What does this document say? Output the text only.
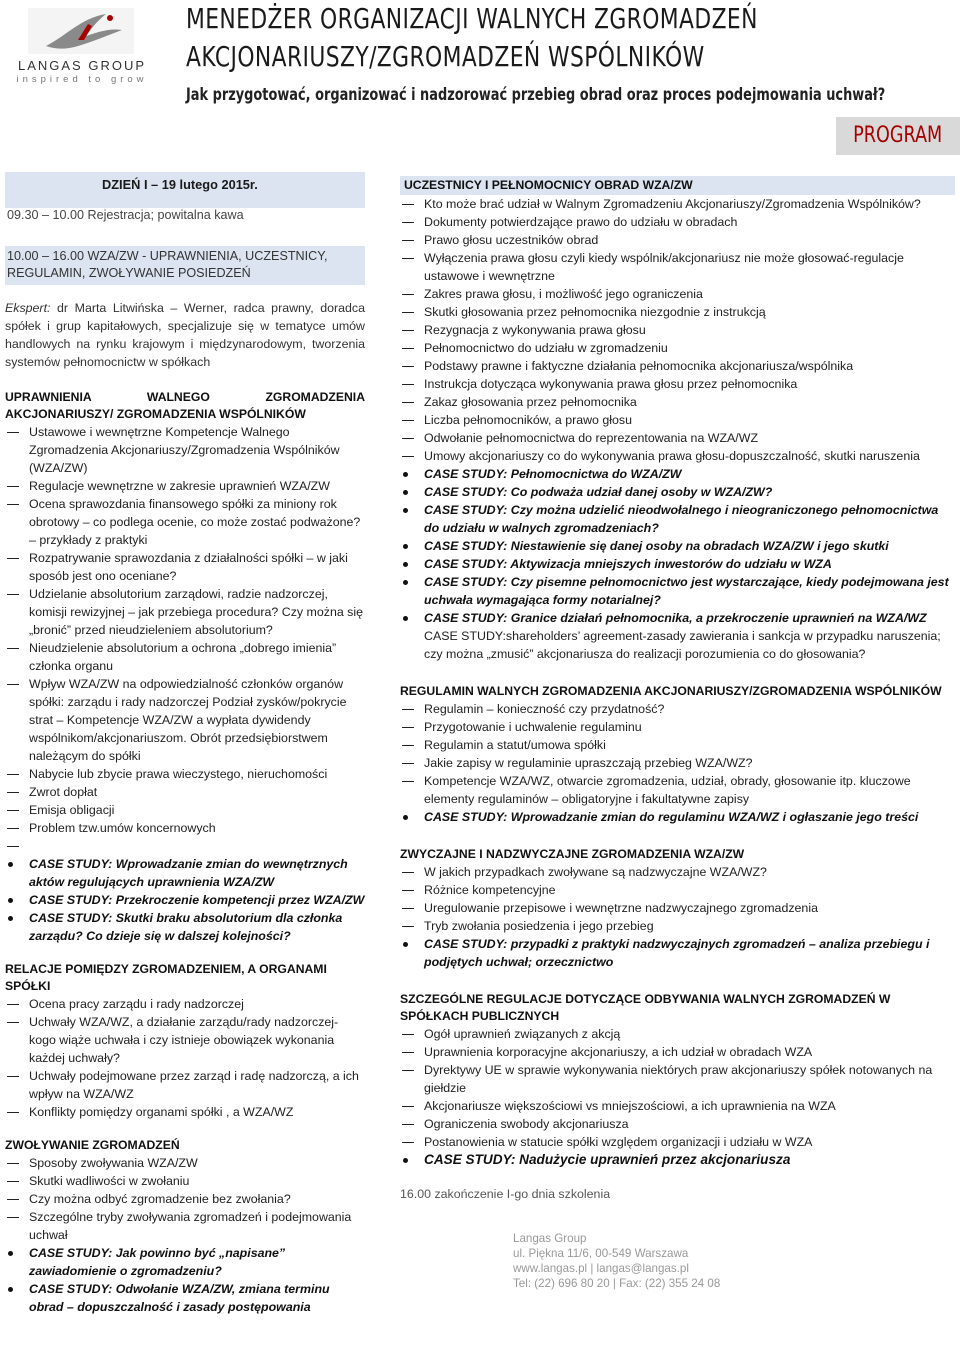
LANGAS GROUP
inspired to grow
MENEDŻER ORGANIZACJI WALNYCH ZGROMADZEŃ
AKCJONARIUSZY/ZGROMADZEŃ WSPÓLNIKÓW
Jak przygotować, organizować i nadzorować przebieg obrad oraz proces podejmowania uchwał?
PROGRAM
DZIEŃ I – 19 lutego 2015r.
09.30 – 10.00 Rejestracja; powitalna kawa
10.00 – 16.00 WZA/ZW - UPRAWNIENIA, UCZESTNICY, REGULAMIN, ZWOŁYWANIE POSIEDZEŃ
Ekspert: dr Marta Litwińska – Werner, radca prawny, doradca spółek i grup kapitałowych, specjalizuje się w tematyce umów handlowych na rynku krajowym i międzynarodowym, tworzenia systemów pełnomocnictw w spółkach
UPRAWNIENIA WALNEGO ZGROMADZENIA AKCJONARIUSZY/ ZGROMADZENIA WSPÓLNIKÓW
Ustawowe i wewnętrzne Kompetencje Walnego Zgromadzenia Akcjonariuszy/Zgromadzenia Wspólników (WZA/ZW)
Regulacje wewnętrzne w zakresie uprawnień WZA/ZW
Ocena sprawozdania finansowego spółki za miniony rok obrotowy – co podlega ocenie, co może zostać podważone? – przykłady z praktyki
Rozpatrywanie sprawozdania z działalności spółki – w jaki sposób jest ono oceniane?
Udzielanie absolutorium zarządowi, radzie nadzorczej, komisji rewizyjnej – jak przebiega procedura? Czy można się „bronić” przed nieudzieleniem absolutorium?
Nieudzielenie absolutorium a ochrona „dobrego imienia” członka organu
Wpływ WZA/ZW na odpowiedzialność członków organów spółki: zarządu i rady nadzorczej Podział zysków/pokrycie strat – Kompetencje WZA/ZW a wypłata dywidendy wspólnikom/akcjonariuszom. Obrót przedsiębiorstwem należącym do spółki
Nabycie lub zbycie prawa wieczystego, nieruchomości
Zwrot dopłat
Emisja obligacji
Problem tzw.umów koncernowych
CASE STUDY: Wprowadzanie zmian do wewnętrznych aktów regulujących uprawnienia WZA/ZW
CASE STUDY: Przekroczenie kompetencji przez WZA/ZW
CASE STUDY: Skutki braku absolutorium dla członka zarządu? Co dzieje się w dalszej kolejności?
RELACJE POMIĘDZY ZGROMADZENIEM, A ORGANAMI SPÓŁKI
Ocena pracy zarządu i rady nadzorczej
Uchwały WZA/WZ, a działanie zarządu/rady nadzorczej-kogo wiąże uchwała i czy istnieje obowiązek wykonania każdej uchwały?
Uchwały podejmowane przez zarząd i radę nadzorczą, a ich wpływ na WZA/WZ
Konflikty pomiędzy organami spółki , a WZA/WZ
ZWOŁYWANIE ZGROMADZEŃ
Sposoby zwoływania WZA/ZW
Skutki wadliwości w zwołaniu
Czy można odbyć zgromadzenie bez zwołania?
Szczególne tryby zwoływania zgromadzeń i podejmowania uchwał
CASE STUDY: Jak powinno być „napisane” zawiadomienie o zgromadzeniu?
CASE STUDY: Odwołanie WZA/ZW, zmiana terminu obrad – dopuszczalność i zasady postępowania
UCZESTNICY I PEŁNOMOCNICY OBRAD WZA/ZW
Kto może brać udział w Walnym Zgromadzeniu Akcjonariuszy/Zgromadzenia Wspólników?
Dokumenty potwierdzające prawo do udziału w obradach
Prawo głosu uczestników obrad
Wyłączenia prawa głosu czyli kiedy wspólnik/akcjonariusz nie może głosować-regulacje ustawowe i wewnętrzne
Zakres prawa głosu, i możliwość jego ograniczenia
Skutki głosowania przez pełnomocnika niezgodnie z instrukcją
Rezygnacja z wykonywania prawa głosu
Pełnomocnictwo do udziału w zgromadzeniu
Podstawy prawne i faktyczne działania pełnomocnika akcjonariusza/wspólnika
Instrukcja dotycząca wykonywania prawa głosu przez pełnomocnika
Zakaz głosowania przez pełnomocnika
Liczba pełnomocników, a prawo głosu
Odwołanie pełnomocnictwa do reprezentowania na WZA/WZ
Umowy akcjonariuszy co do wykonywania prawa głosu-dopuszczalność, skutki naruszenia
CASE STUDY: Pełnomocnictwa do WZA/ZW
CASE STUDY: Co podważa udział danej osoby w WZA/ZW?
CASE STUDY: Czy można udzielić nieodwołalnego i nieograniczonego pełnomocnictwa do udziału w walnych zgromadzeniach?
CASE STUDY: Niestawienie się danej osoby na obradach WZA/ZW i jego skutki
CASE STUDY: Aktywizacja mniejszych inwestorów do udziału w WZA
CASE STUDY: Czy pisemne pełnomocnictwo jest wystarczające, kiedy podejmowana jest uchwała wymagająca formy notarialnej?
CASE STUDY: Granice działań pełnomocnika, a przekroczenie uprawnień na WZA/WZ
CASE STUDY:shareholders’ agreement-zasady zawierania i sankcja w przypadku naruszenia; czy można „zmusić” akcjonariusza do realizacji porozumienia co do głosowania?
REGULAMIN WALNYCH ZGROMADZENIA AKCJONARIUSZY/ZGROMADZENIA WSPÓLNIKÓW
Regulamin – konieczność czy przydatność?
Przygotowanie i uchwalenie regulaminu
Regulamin a statut/umowa spółki
Jakie zapisy w regulaminie upraszczają przebieg WZA/WZ?
Kompetencje WZA/WZ, otwarcie zgromadzenia, udział, obrady, głosowanie itp. kluczowe elementy regulaminów – obligatoryjne i fakultatywne zapisy
CASE STUDY: Wprowadzanie zmian do regulaminu WZA/WZ i ogłaszanie jego treści
ZWYCZAJNE I NADZWYCZAJNE ZGROMADZENIA WZA/ZW
W jakich przypadkach zwoływane są nadzwyczajne WZA/WZ?
Różnice kompetencyjne
Uregulowanie przepisowe i wewnętrzne nadzwyczajnego zgromadzenia
Tryb zwołania posiedzenia i jego przebieg
CASE STUDY: przypadki z praktyki nadzwyczajnych zgromadzeń – analiza przebiegu i podjętych uchwał; orzecznictwo
SZCZEGÓLNE REGULACJE DOTYCZĄCE ODBYWANIA WALNYCH ZGROMADZEŃ W SPÓŁKACH PUBLICZNYCH
Ogół uprawnień związanych z akcją
Uprawnienia korporacyjne akcjonariuszy, a ich udział w obradach WZA
Dyrektywy UE w sprawie wykonywania niektórych praw akcjonariuszy spółek notowanych na giełdzie
Akcjonariusze większościowi vs mniejszościowi, a ich uprawnienia na WZA
Ograniczenia swobody akcjonariusza
Postanowienia w statucie spółki względem organizacji i udziału w WZA
CASE STUDY: Nadużycie uprawnień przez akcjonariusza
16.00 zakończenie I-go dnia szkolenia
Langas Group
ul. Piękna 11/6, 00-549 Warszawa
www.langas.pl | langas@langas.pl
Tel: (22) 696 80 20 | Fax: (22) 355 24 08
